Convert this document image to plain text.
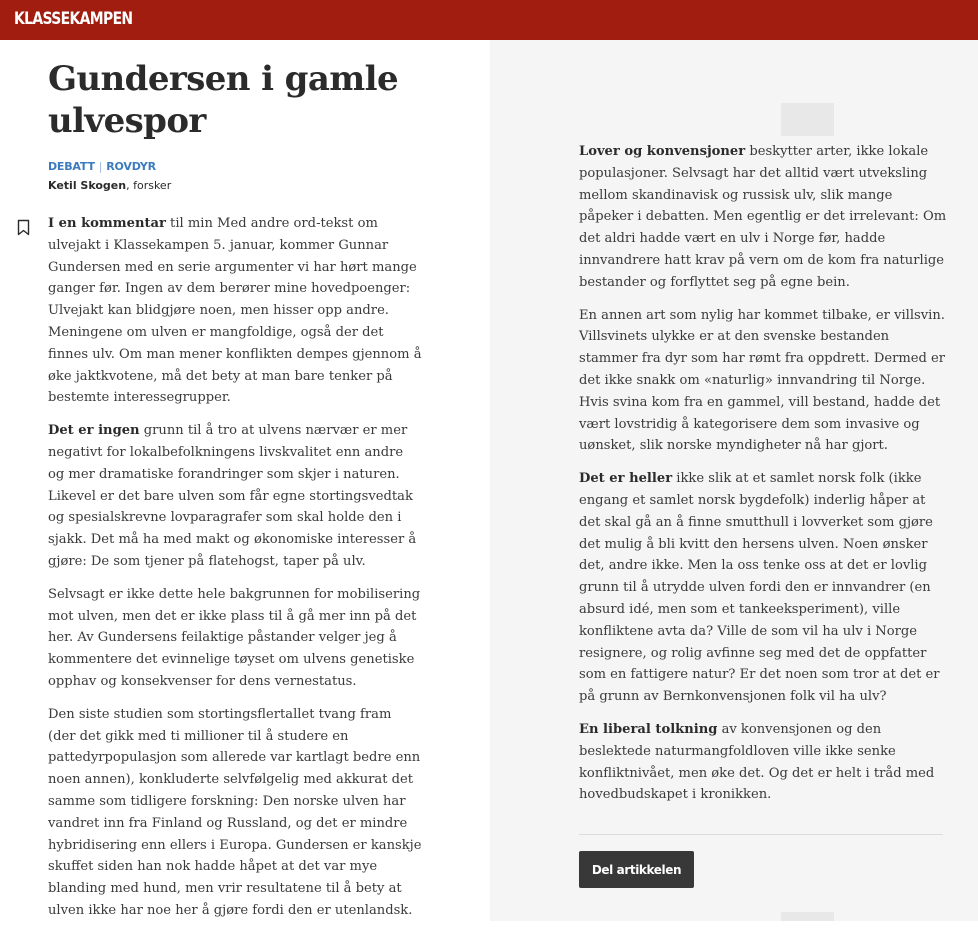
KLASSEKAMPEN
Gundersen i gamle ulvespor
DEBATT | ROVDYR
Ketil Skogen, forsker

I en kommentar til min Med andre ord-tekst om ulvejakt i Klassekampen 5. januar, kommer Gunnar Gundersen med en serie argumenter vi har hørt mange ganger før. Ingen av dem berører mine hovedpoenger: Ulvejakt kan blidgjøre noen, men hisser opp andre. Meningene om ulven er mangfoldige, også der det finnes ulv. Om man mener konflikten dempes gjennom å øke jaktkvotene, må det bety at man bare tenker på bestemte interessegrupper.

Det er ingen grunn til å tro at ulvens nærvær er mer negativt for lokalbefolkningens livskvalitet enn andre og mer dramatiske forandringer som skjer i naturen. Likevel er det bare ulven som får egne stortingsvedtak og spesialskrevne lovparagrafer som skal holde den i sjakk. Det må ha med makt og økonomiske interesser å gjøre: De som tjener på flatehogst, taper på ulv.

Selvsagt er ikke dette hele bakgrunnen for mobilisering mot ulven, men det er ikke plass til å gå mer inn på det her. Av Gundersens feilaktige påstander velger jeg å kommentere det evinnelige tøyset om ulvens genetiske opphav og konsekvenser for dens vernestatus.

Den siste studien som stortingsflertallet tvang fram (der det gikk med ti millioner til å studere en pattedyrpopulasjon som allerede var kartlagt bedre enn noen annen), konkluderte selvfølgelig med akkurat det samme som tidligere forskning: Den norske ulven har vandret inn fra Finland og Russland, og det er mindre hybridisering enn ellers i Europa. Gundersen er kanskje skuffet siden han nok hadde håpet at det var mye blanding med hund, men vrir resultatene til å bety at ulven ikke har noe her å gjøre fordi den er utenlandsk.

Lover og konvensjoner beskytter arter, ikke lokale populasjoner. Selvsagt har det alltid vært utveksling mellom skandinavisk og russisk ulv, slik mange påpeker i debatten. Men egentlig er det irrelevant: Om det aldri hadde vært en ulv i Norge før, hadde innvandrere hatt krav på vern om de kom fra naturlige bestander og forflyttet seg på egne bein.

En annen art som nylig har kommet tilbake, er villsvin. Villsvinets ulykke er at den svenske bestanden stammer fra dyr som har rømt fra oppdrett. Dermed er det ikke snakk om «naturlig» innvandring til Norge. Hvis svina kom fra en gammel, vill bestand, hadde det vært lovstridig å kategorisere dem som invasive og uønsket, slik norske myndigheter nå har gjort.

Det er heller ikke slik at et samlet norsk folk (ikke engang et samlet norsk bygdefolk) inderlig håper at det skal gå an å finne smutthull i lovverket som gjøre det mulig å bli kvitt den hersens ulven. Noen ønsker det, andre ikke. Men la oss tenke oss at det er lovlig grunn til å utrydde ulven fordi den er innvandrer (en absurd idé, men som et tankeeksperiment), ville konfliktene avta da? Ville de som vil ha ulv i Norge resignere, og rolig avfinne seg med det de oppfatter som en fattigere natur? Er det noen som tror at det er på grunn av Bernkonvensjonen folk vil ha ulv?

En liberal tolkning av konvensjonen og den beslektede naturmangfoldloven ville ikke senke konfliktnivået, men øke det. Og det er helt i tråd med hovedbudskapet i kronikken.

Del artikkelen
